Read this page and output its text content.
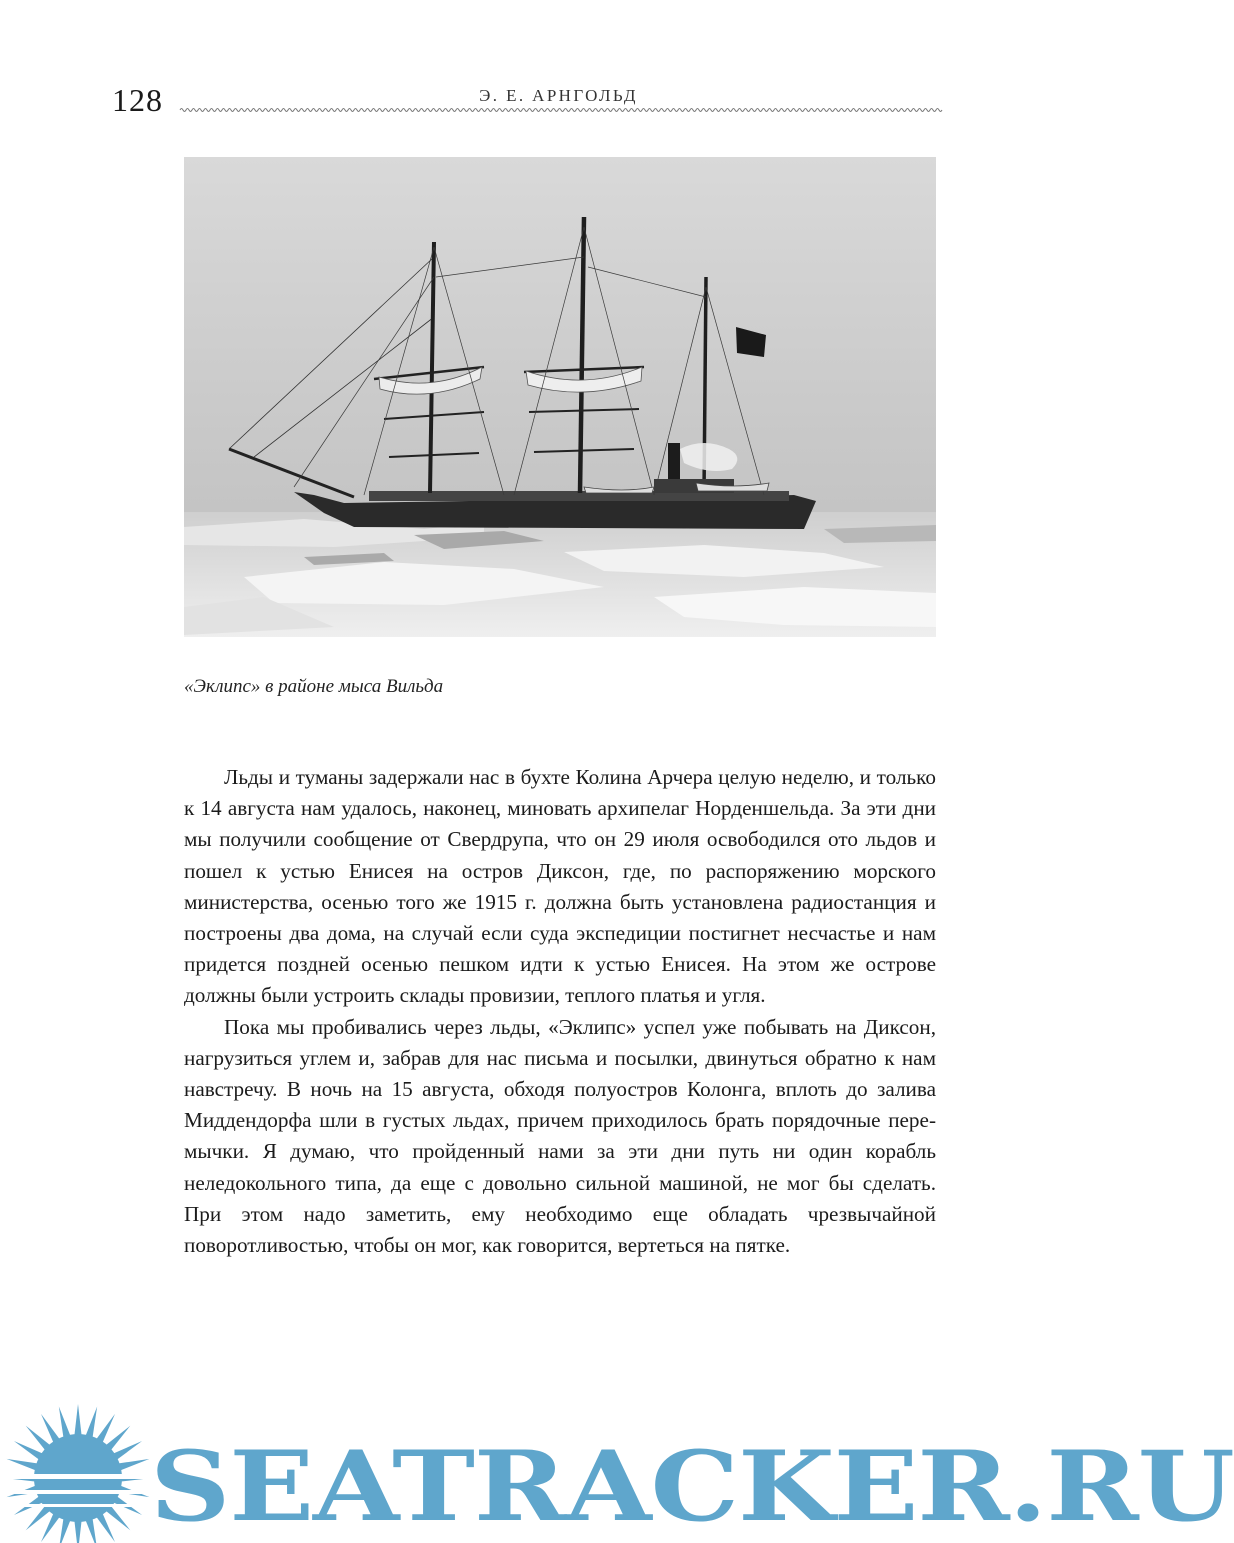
128	Э. Е. АРНГОЛЬД
«Эклипс» в районе мыса Вильда

Льды и туманы задержали нас в бухте Колина Арчера целую неделю, и только к 14 августа нам удалось, наконец, миновать архипелаг Норденшельда. За эти дни мы получили сообщение от Свердрупа, что он 29 июля освободился ото льдов и пошел к устью Енисея на остров Диксон, где, по распоряжению морского министерства, осенью того же 1915 г. должна быть установлена радиостанция и построены два дома, на случай если суда экспедиции постигнет несчастье и нам придется поздней осенью пешком идти к устью Енисея. На этом же острове должны были устроить склады провизии, теплого платья и угля.

Пока мы пробивались через льды, «Эклипс» успел уже побывать на Диксон, нагрузиться углем и, забрав для нас письма и посылки, двинуться обратно к нам навстречу. В ночь на 15 августа, обходя полуостров Колонга, вплоть до залива Миддендорфа шли в густых льдах, причем приходилось брать порядочные перемычки. Я думаю, что пройденный нами за эти дни путь ни один корабль неледокольного типа, да еще с довольно сильной машиной, не мог бы сделать. При этом надо заметить, ему необходимо еще обладать чрезвычайной поворотливостью, чтобы он мог, как говорится, вертеться на пятке.

SEATRACKER.RU
